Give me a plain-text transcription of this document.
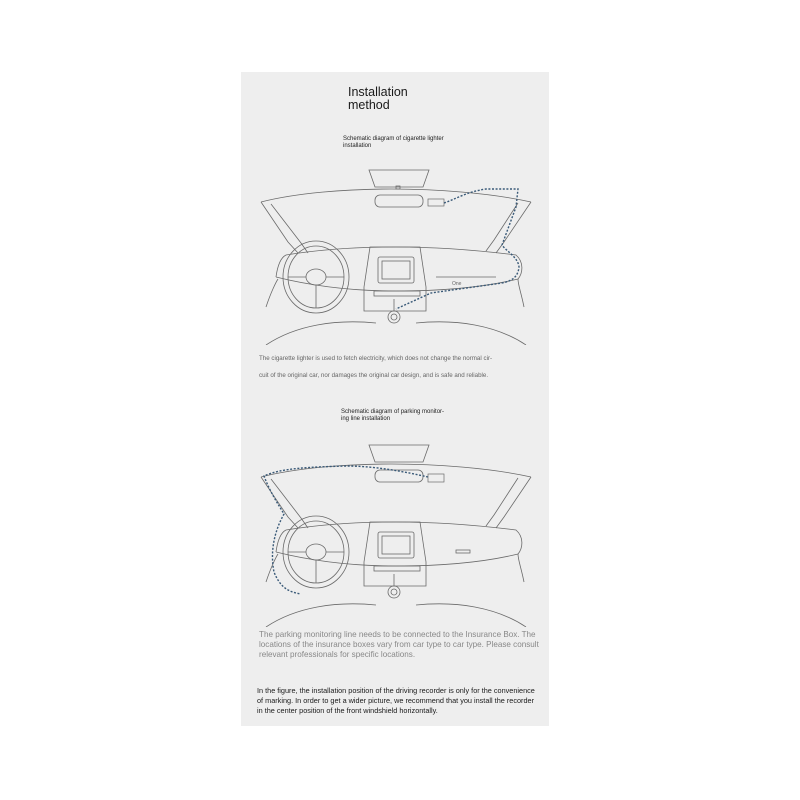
Installation
method
Schematic diagram of cigarette lighter
installation
One
The cigarette lighter is used to fetch electricity, which does not change the normal cir-
cuit of the original car, nor damages the original car design, and is safe and reliable.
Schematic diagram of parking monitor-
ing line installation
The parking monitoring line needs to be connected to the Insurance Box. The locations of the insurance boxes vary from car type to car type. Please consult relevant professionals for specific locations.
In the figure, the installation position of the driving recorder is only for the convenience of marking. In order to get a wider picture, we recommend that you install the recorder in the center position of the front windshield horizontally.
